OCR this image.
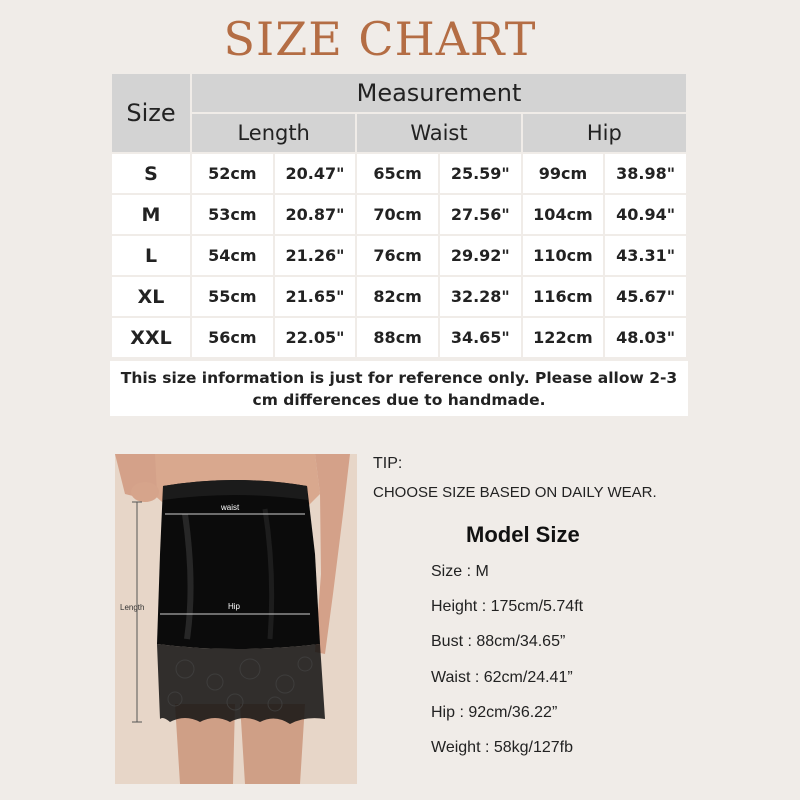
SIZE CHART
Size	Measurement					
	Length		Waist		Hip	
S	52cm	20.47"	65cm	25.59"	99cm	38.98"
M	53cm	20.87"	70cm	27.56"	104cm	40.94"
L	54cm	21.26"	76cm	29.92"	110cm	43.31"
XL	55cm	21.65"	82cm	32.28"	116cm	45.67"
XXL	56cm	22.05"	88cm	34.65"	122cm	48.03"
This size information is just for reference only. Please allow 2-3 cm differences due to handmade.
waist
Hip
Length
TIP:
CHOOSE SIZE BASED ON DAILY WEAR.
Model Size
Size : M
Height : 175cm/5.74ft
Bust : 88cm/34.65”
Waist : 62cm/24.41”
Hip : 92cm/36.22”
Weight : 58kg/127fb
